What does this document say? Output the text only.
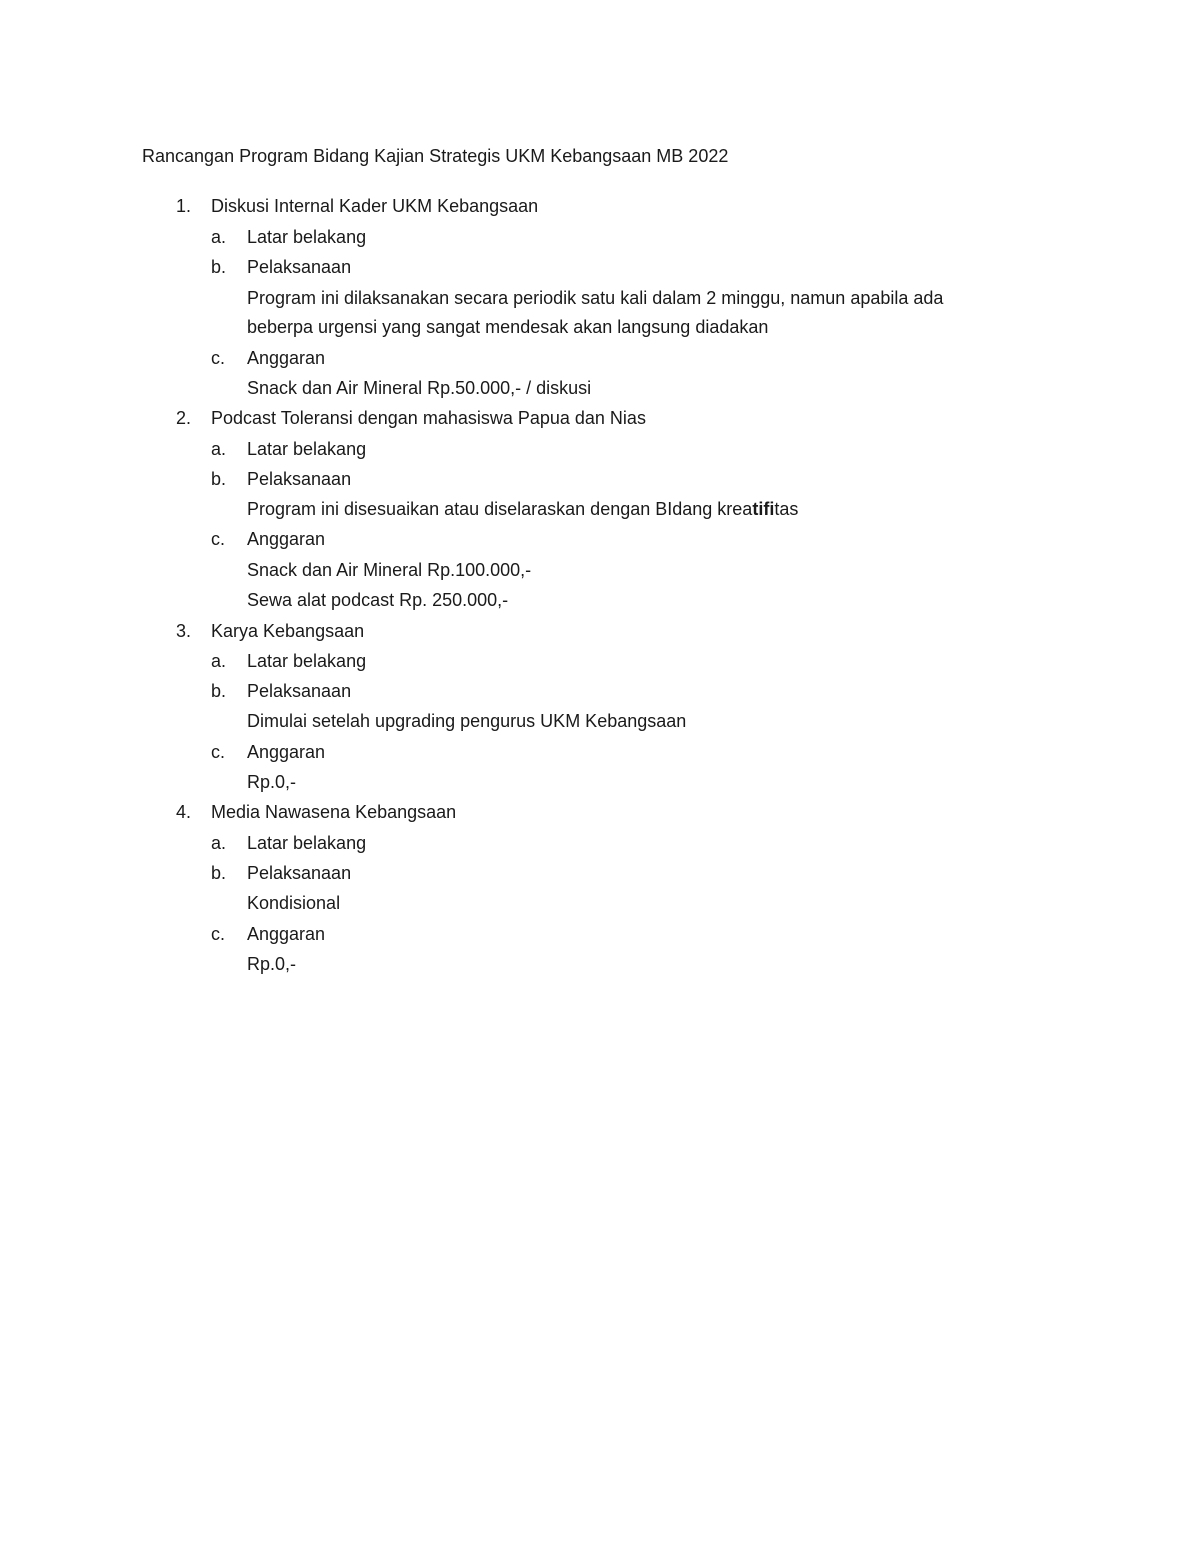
Rancangan Program Bidang Kajian Strategis UKM Kebangsaan MB 2022
1. Diskusi Internal Kader UKM Kebangsaan
a. Latar belakang
b. Pelaksanaan
Program ini dilaksanakan secara periodik satu kali dalam 2 minggu, namun apabila ada
beberpa urgensi yang sangat mendesak akan langsung diadakan
c. Anggaran
Snack dan Air Mineral Rp.50.000,- / diskusi
2. Podcast Toleransi dengan mahasiswa Papua dan Nias
a. Latar belakang
b. Pelaksanaan
Program ini disesuaikan atau diselaraskan dengan BIdang kreatifitas
c. Anggaran
Snack dan Air Mineral Rp.100.000,-
Sewa alat podcast Rp. 250.000,-
3. Karya Kebangsaan
a. Latar belakang
b. Pelaksanaan
Dimulai setelah upgrading pengurus UKM Kebangsaan
c. Anggaran
Rp.0,-
4. Media Nawasena Kebangsaan
a. Latar belakang
b. Pelaksanaan
Kondisional
c. Anggaran
Rp.0,-
